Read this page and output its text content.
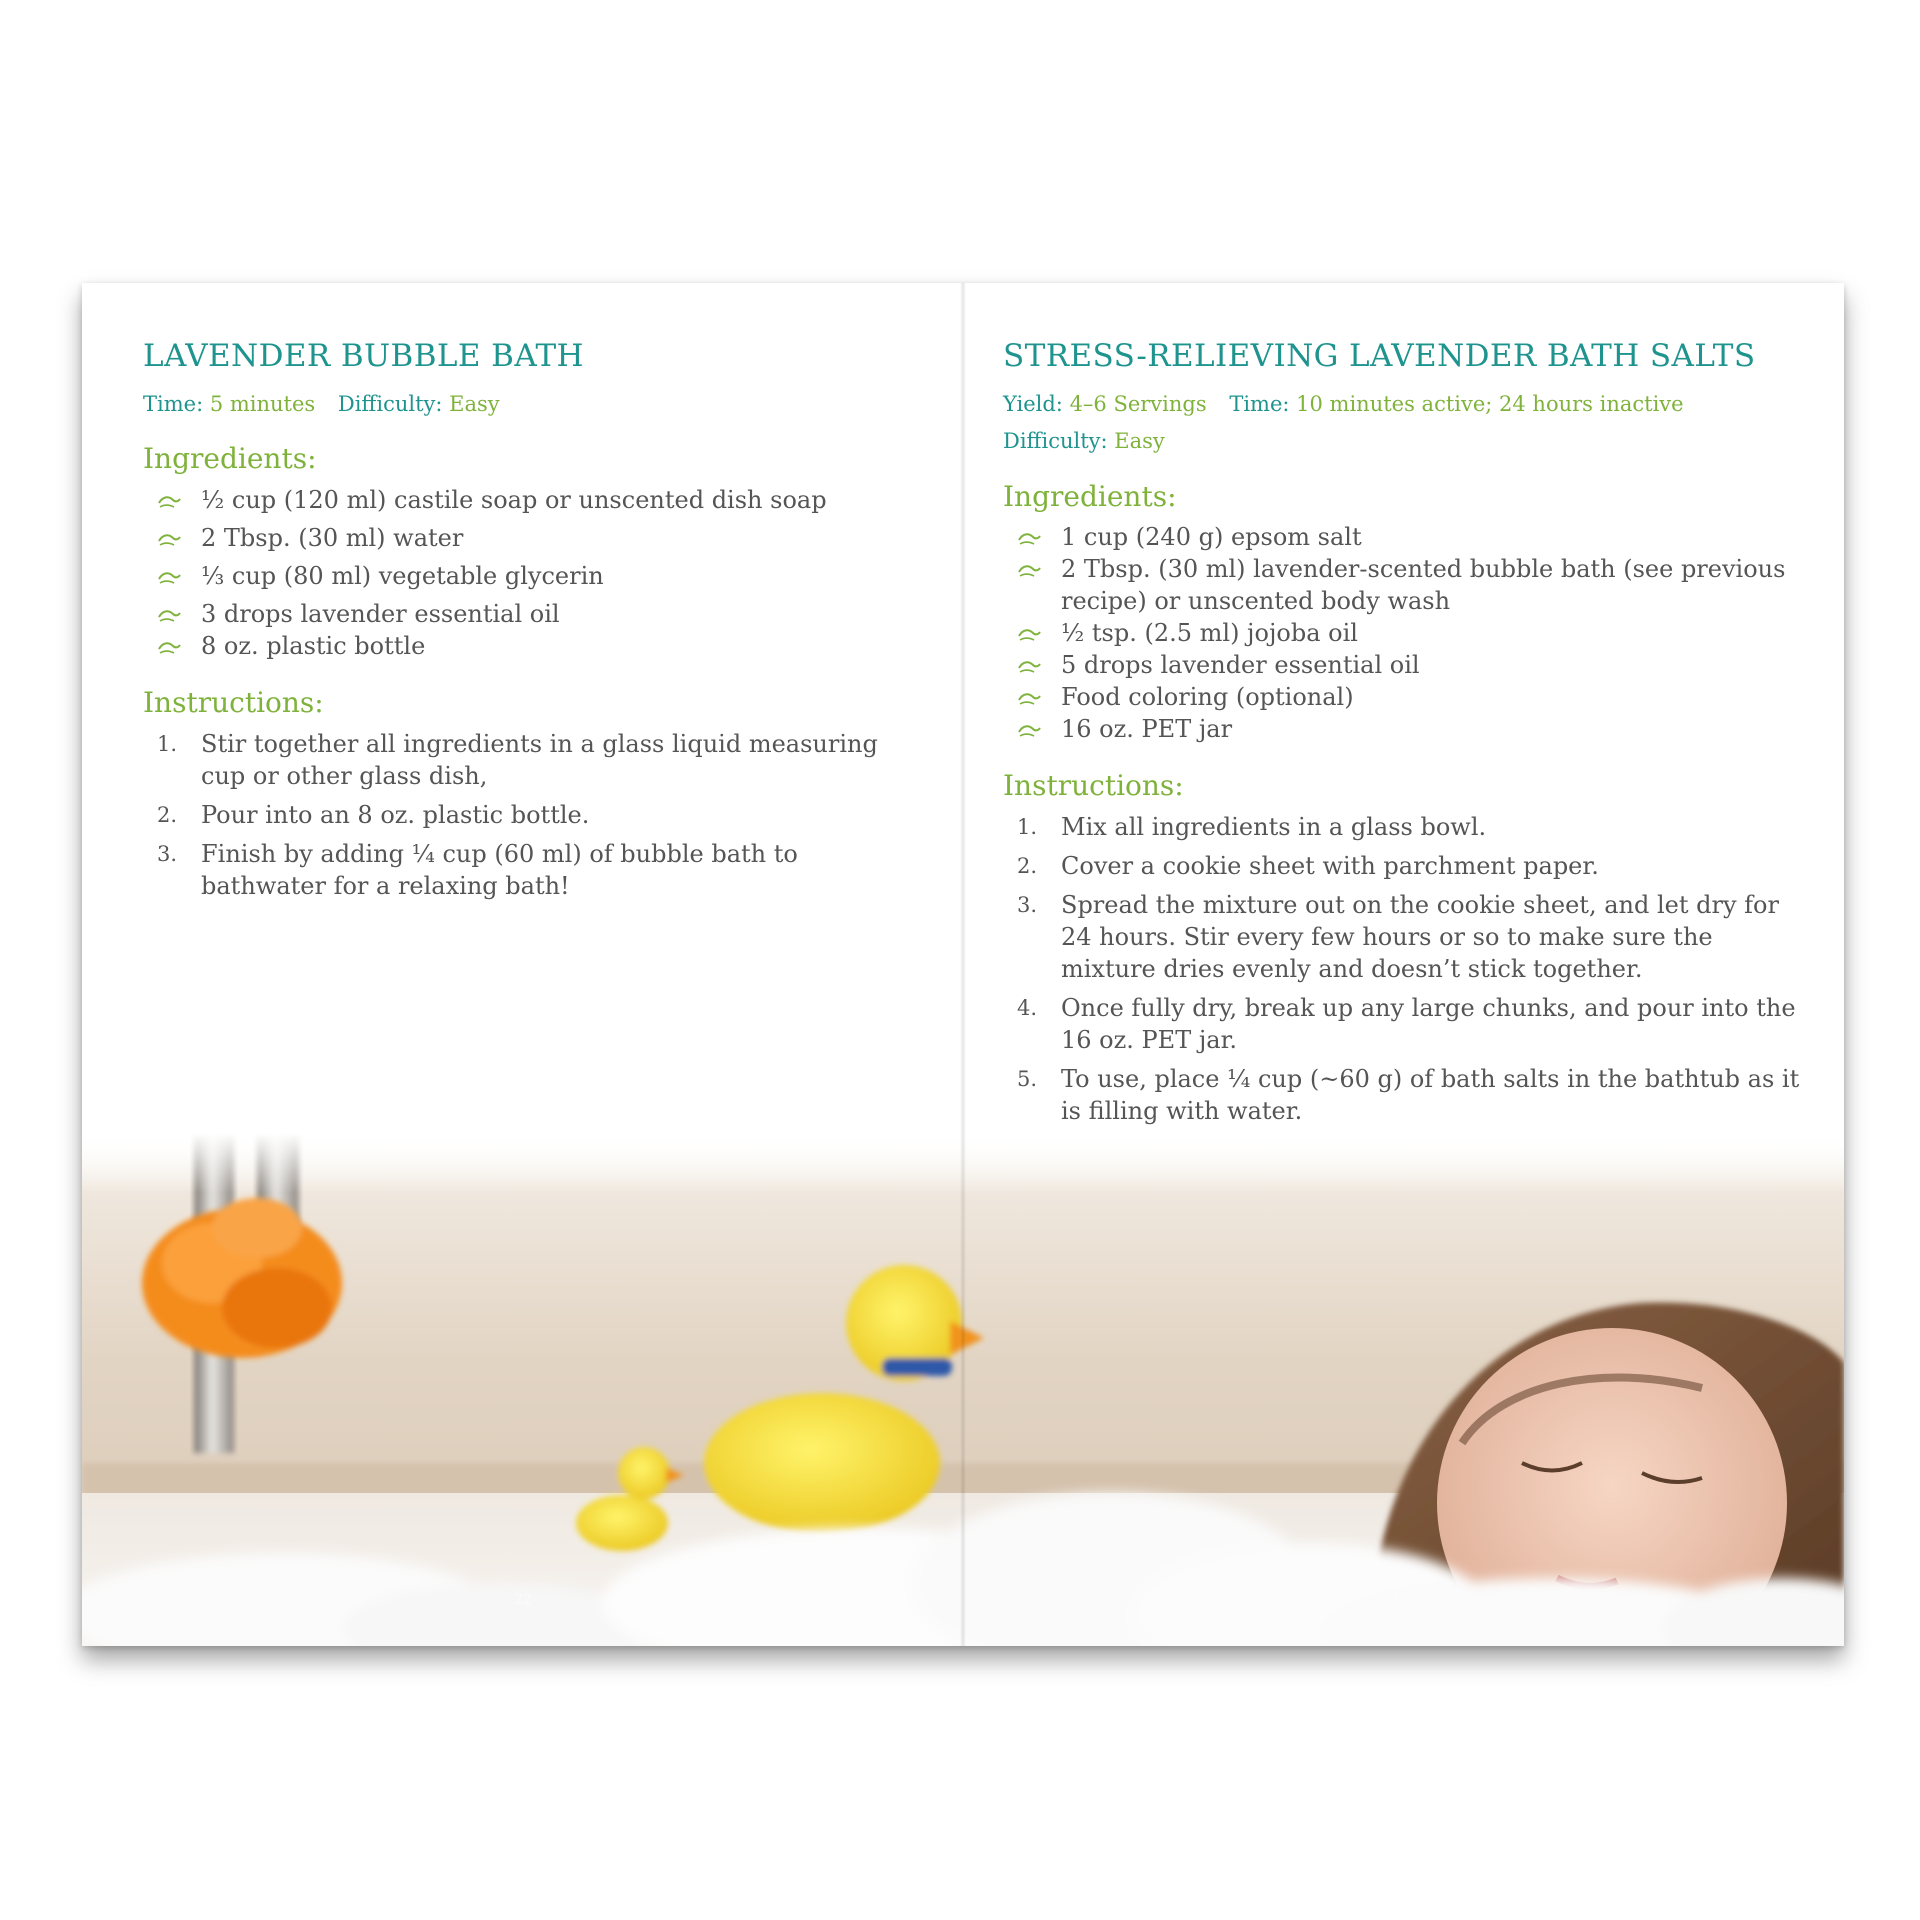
LAVENDER BUBBLE BATH
Time: 5 minutes Difficulty: Easy
Ingredients:
½ cup (120 ml) castile soap or unscented dish soap
2 Tbsp. (30 ml) water
⅓ cup (80 ml) vegetable glycerin
3 drops lavender essential oil
8 oz. plastic bottle
Instructions:
1. Stir together all ingredients in a glass liquid measuring cup or other glass dish,
2. Pour into an 8 oz. plastic bottle.
3. Finish by adding ¼ cup (60 ml) of bubble bath to bathwater for a relaxing bath!
22
STRESS-RELIEVING LAVENDER BATH SALTS
Yield: 4–6 Servings Time: 10 minutes active; 24 hours inactive
Difficulty: Easy
Ingredients:
1 cup (240 g) epsom salt
2 Tbsp. (30 ml) lavender-scented bubble bath (see previous recipe) or unscented body wash
½ tsp. (2.5 ml) jojoba oil
5 drops lavender essential oil
Food coloring (optional)
16 oz. PET jar
Instructions:
1. Mix all ingredients in a glass bowl.
2. Cover a cookie sheet with parchment paper.
3. Spread the mixture out on the cookie sheet, and let dry for 24 hours. Stir every few hours or so to make sure the mixture dries evenly and doesn’t stick together.
4. Once fully dry, break up any large chunks, and pour into the 16 oz. PET jar.
5. To use, place ¼ cup (~60 g) of bath salts in the bathtub as it is filling with water.
23
